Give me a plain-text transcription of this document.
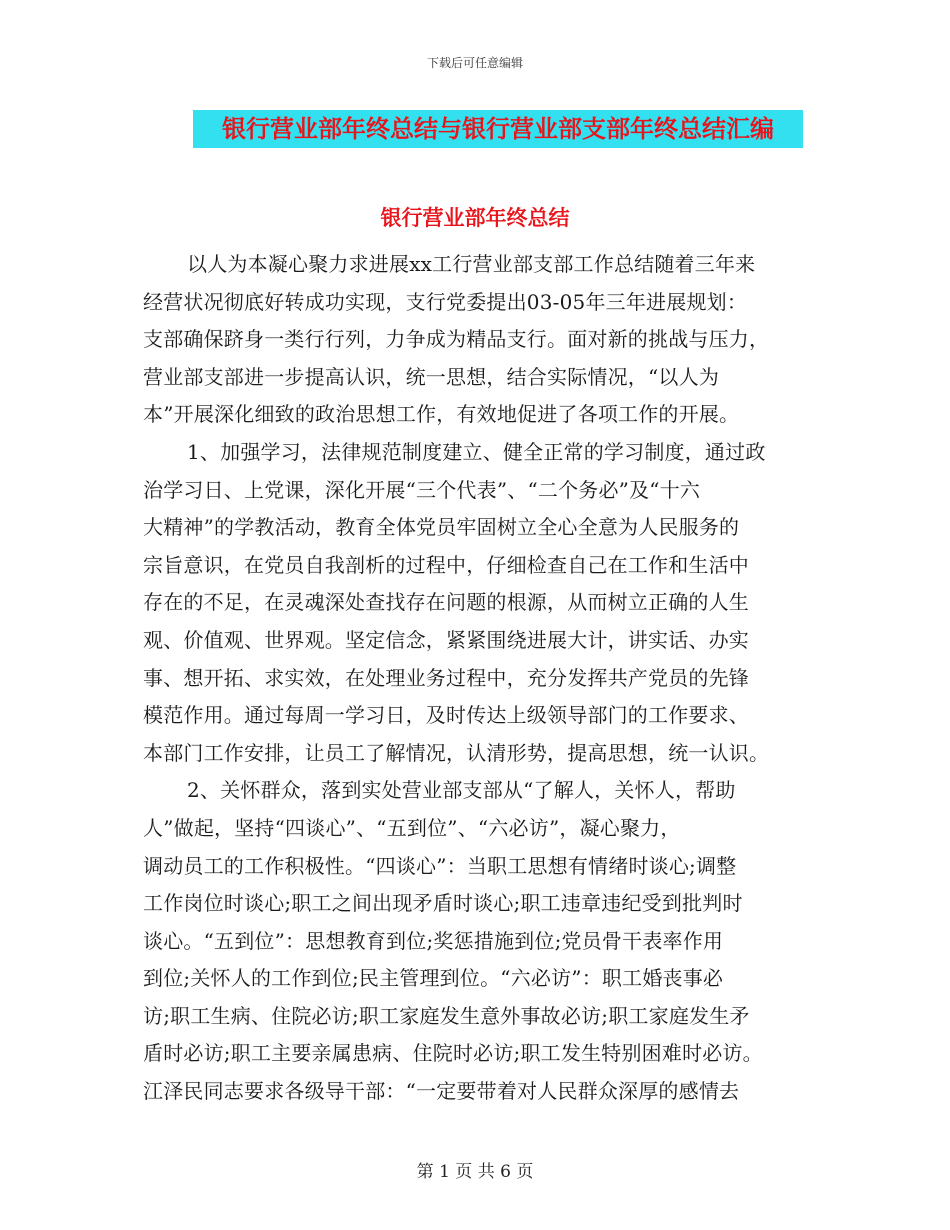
下载后可任意编辑
银行营业部年终总结与银行营业部支部年终总结汇编
银行营业部年终总结
以人为本凝心聚力求进展xx工行营业部支部工作总结随着三年来
经营状况彻底好转成功实现，支行党委提出03-05年三年进展规划：
支部确保跻身一类行行列，力争成为精品支行。面对新的挑战与压力，
营业部支部进一步提高认识，统一思想，结合实际情况，“以人为
本”开展深化细致的政治思想工作，有效地促进了各项工作的开展。
1、加强学习，法律规范制度建立、健全正常的学习制度，通过政
治学习日、上党课，深化开展“三个代表”、“二个务必”及“十六
大精神”的学教活动，教育全体党员牢固树立全心全意为人民服务的
宗旨意识，在党员自我剖析的过程中，仔细检查自己在工作和生活中
存在的不足，在灵魂深处查找存在问题的根源，从而树立正确的人生
观、价值观、世界观。坚定信念，紧紧围绕进展大计，讲实话、办实
事、想开拓、求实效，在处理业务过程中，充分发挥共产党员的先锋
模范作用。通过每周一学习日，及时传达上级领导部门的工作要求、
本部门工作安排，让员工了解情况，认清形势，提高思想，统一认识。
2、关怀群众，落到实处营业部支部从“了解人，关怀人，帮助
人”做起，坚持“四谈心”、“五到位”、“六必访”，凝心聚力，
调动员工的工作积极性。“四谈心”：当职工思想有情绪时谈心;调整
工作岗位时谈心;职工之间出现矛盾时谈心;职工违章违纪受到批判时
谈心。“五到位”：思想教育到位;奖惩措施到位;党员骨干表率作用
到位;关怀人的工作到位;民主管理到位。“六必访”：职工婚丧事必
访;职工生病、住院必访;职工家庭发生意外事故必访;职工家庭发生矛
盾时必访;职工主要亲属患病、住院时必访;职工发生特别困难时必访。
江泽民同志要求各级导干部：“一定要带着对人民群众深厚的感情去
第 1 页 共 6 页
